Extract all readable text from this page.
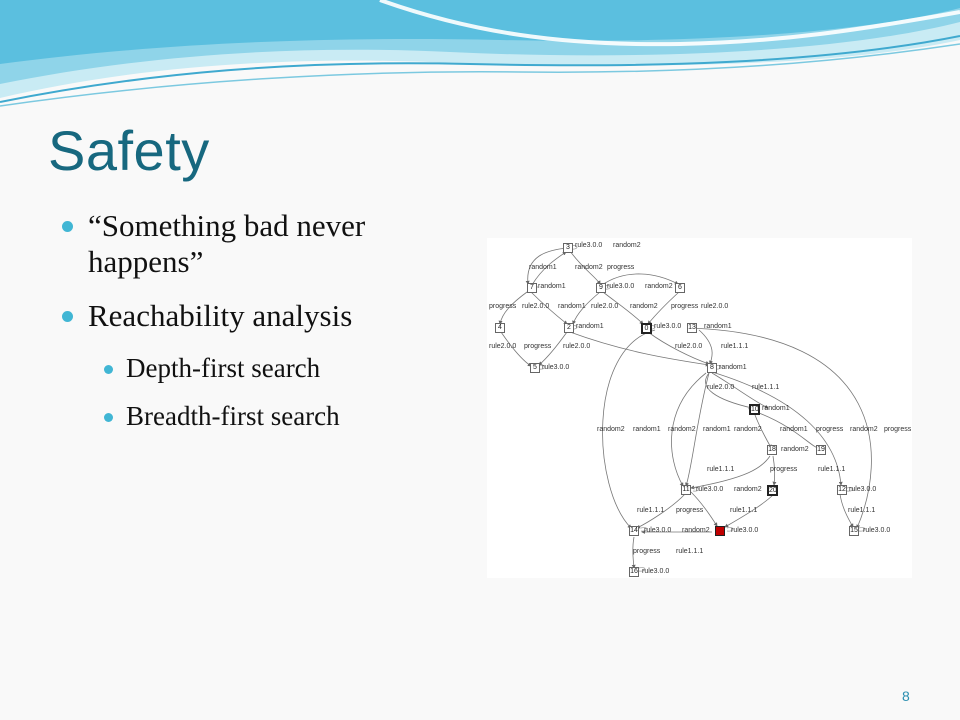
Safety
“Something bad never happens”
Reachability analysis
Depth-first search
Breadth-first search
3
7	9	6
4	2	0	13
5	8
10
18	19
11	20	12
14	1	15
16
rule3.0.0 random2
random1	random2 progress
random1	rule3.0.0 random2
progress rule2.0.0 random1 rule2.0.0 random2 progress rule2.0.0
random1	rule3.0.0	random1
rule2.0.0 progress rule2.0.0	rule2.0.0	rule1.1.1
rule3.0.0	random1
rule2.0.0	rule1.1.1
random1
random2 random1 random2 random1 random2	random1 progress random2 progress
random2
rule1.1.1	progress	rule1.1.1
rule3.0.0 random2	rule3.0.0
rule1.1.1 progress	rule1.1.1	rule1.1.1
rule3.0.0 random2	rule3.0.0	rule3.0.0
progress rule1.1.1
rule3.0.0
8
